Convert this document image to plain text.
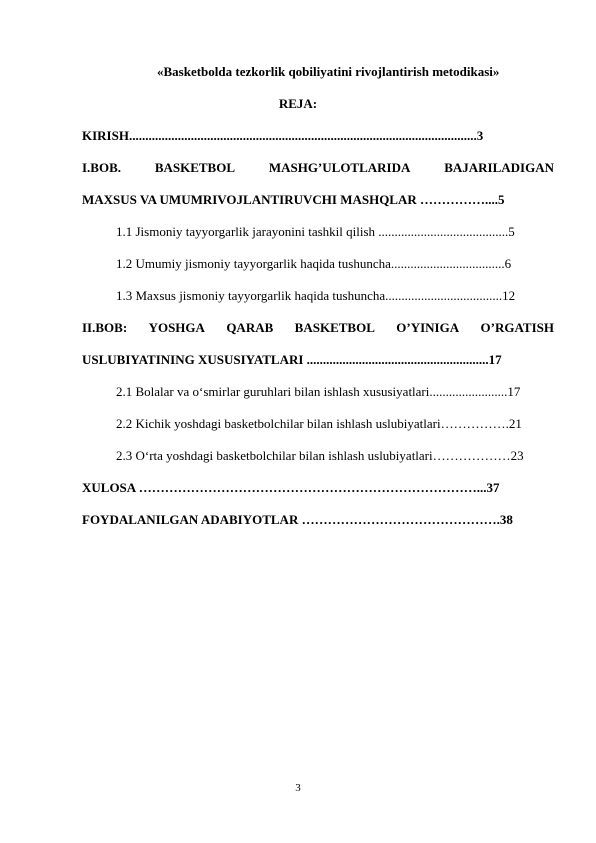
«Basketbolda tezkorlik qobiliyatini rivojlantirish metodikasi»
REJA:
KIRISH...........................................................................................................3
I.BOB.	BASKETBOL	MASHG’ULOTLARIDA	BAJARILADIGAN
MAXSUS VA UMUMRIVOJLANTIRUVCHI MASHQLAR ……………....5
1.1 Jismoniy tayyorgarlik jarayonini tashkil qilish ........................................5
1.2 Umumiy jismoniy tayyorgarlik haqida tushuncha...................................6
1.3 Maxsus jismoniy tayyorgarlik haqida tushuncha....................................12
II.BOB: YOSHGA QARAB BASKETBOL O’YINIGA O’RGATISH
USLUBIYATINING XUSUSIYATLARI ........................................................17
2.1 Bolalar va o‘smirlar guruhlari bilan ishlash xususiyatlari........................17
2.2 Kichik yoshdagi basketbolchilar bilan ishlash uslubiyatlari…………….21
2.3 O‘rta yoshdagi basketbolchilar bilan ishlash uslubiyatlari………………23
XULOSA ……………………………………………………………………...37
FOYDALANILGAN ADABIYOTLAR ……………………………………….38
3
